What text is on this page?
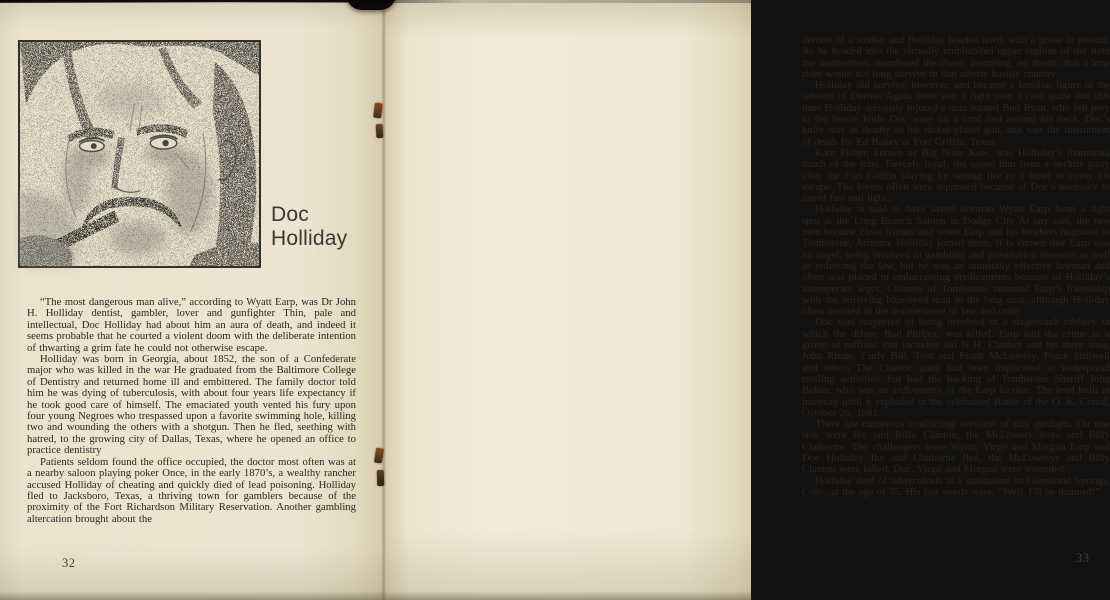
Doc
Holliday

“The most dangerous man alive,” according to Wyatt Earp, was Dr John H. Holliday dentist, gambler, lover and gunfighter Thin, pale and intellectual, Doc Holliday had about him an aura of death, and indeed it seems probable that he courted a violent doom with the deliberate intention of thwarting a grim fate he could not otherwise escape.

Holliday was born in Georgia, about 1852, the son of a Confederate major who was killed in the war He graduated from the Baltimore College of Dentistry and returned home ill and embittered. The family doctor told him he was dying of tuberculosis, with about four years life expectancy if he took good care of himself. The emaciated youth vented his fury upon four young Negroes who trespassed upon a favorite swimming hole, killing two and wounding the others with a shotgun. Then he fled, seething with hatred, to the growing city of Dallas, Texas, where he opened an office to practice dentistry

Patients seldom found the office occupied, the doctor most often was at a nearby saloon playing poker Once, in the early 1870’s, a wealthy rancher accused Holliday of cheating and quickly died of lead poisoning. Holliday fled to Jacksboro, Texas, a thriving town for gamblers because of the proximity of the Fort Richardson Military Reservation. Another gambling altercation brought about the

32

demise of a soldier and Holliday headed north with a posse in pursuit. As he headed into the virtually uninhabited upper regions of the state the manhunters abandoned the chase, assuming, no doubt, that a lone rider would not long survive in that utterly hostile country

Holliday did survive, however, and became a familiar figure in the saloons of Denver Again there was a fight over a card game and this time Holliday seriously injured a man named Bud Ryan, who fell prey to the bowie knife Doc wore on a cord tied around his neck. Doc’s knife was as deadly as his nickel-plated gun, and was the instrument of death for Ed Bailey at Fort Griffin, Texas.

Kate Fisher, known as Big Nose Kate, was Holliday’s inamorata much of the time. Fiercely loyal, she saved him from a necktie party after the Fort Griffin slaying by setting fire to a hotel to cover his escape. The lovers often were separated because of Doc’s necessity to travel fast and light.

Holliday is said to have saved lawman Wyatt Earp from a tight spot at the Long Branch Saloon in Dodge City At any rate, the two men became close friends and when Earp and his brothers migrated to Tombstone, Arizona, Holliday joined them. It is known that Earp was no angel, being involved in gambling and prostitution interests as well as enforcing the law, but he was an unusually effective lawman and often was placed in embarrassing predicaments because of Holliday’s intemperate ways. Citizens of Tombstone resented Earp’s friendship with the terrifying blue-eyed man in the long coat, although Holliday often assisted in the maintenance of law and order

Doc was suspected of being involved in a stagecoach robbery in which the driver, Bud Philpot, was killed. Earp laid the crime to a group of ruffians that included old N H. Clanton and his three sons, John Ringo, Curly Bill, Tom and Frank McLowery, Frank Stillwell and others The Clanton gang had been implicated in widespread rustling activities, but had the backing of Tombstone Sheriff John Behan, who was an arch-enemy of the Earp faction. The feud built in intensity until it exploded in the celebrated Battle of the O. K. Corral, October 26, 1881.

There are numerous conflicting versions of this gunfight. On one side were Ike and Billy Clanton, the McLowery boys and Billy Claiborne. The challengers were Wyatt, Virgil and Morgan Earp and Doc Holliday Ike and Claiborne fled, the McLowerys and Billy Clanton were killed. Doc, Virgil and Morgan were wounded.

Holliday died of tuberculosis at a sanitarium in Glenwood Springs, Colo., at the age of 35. His last words were, “Well, I’ll be damned!”

33
